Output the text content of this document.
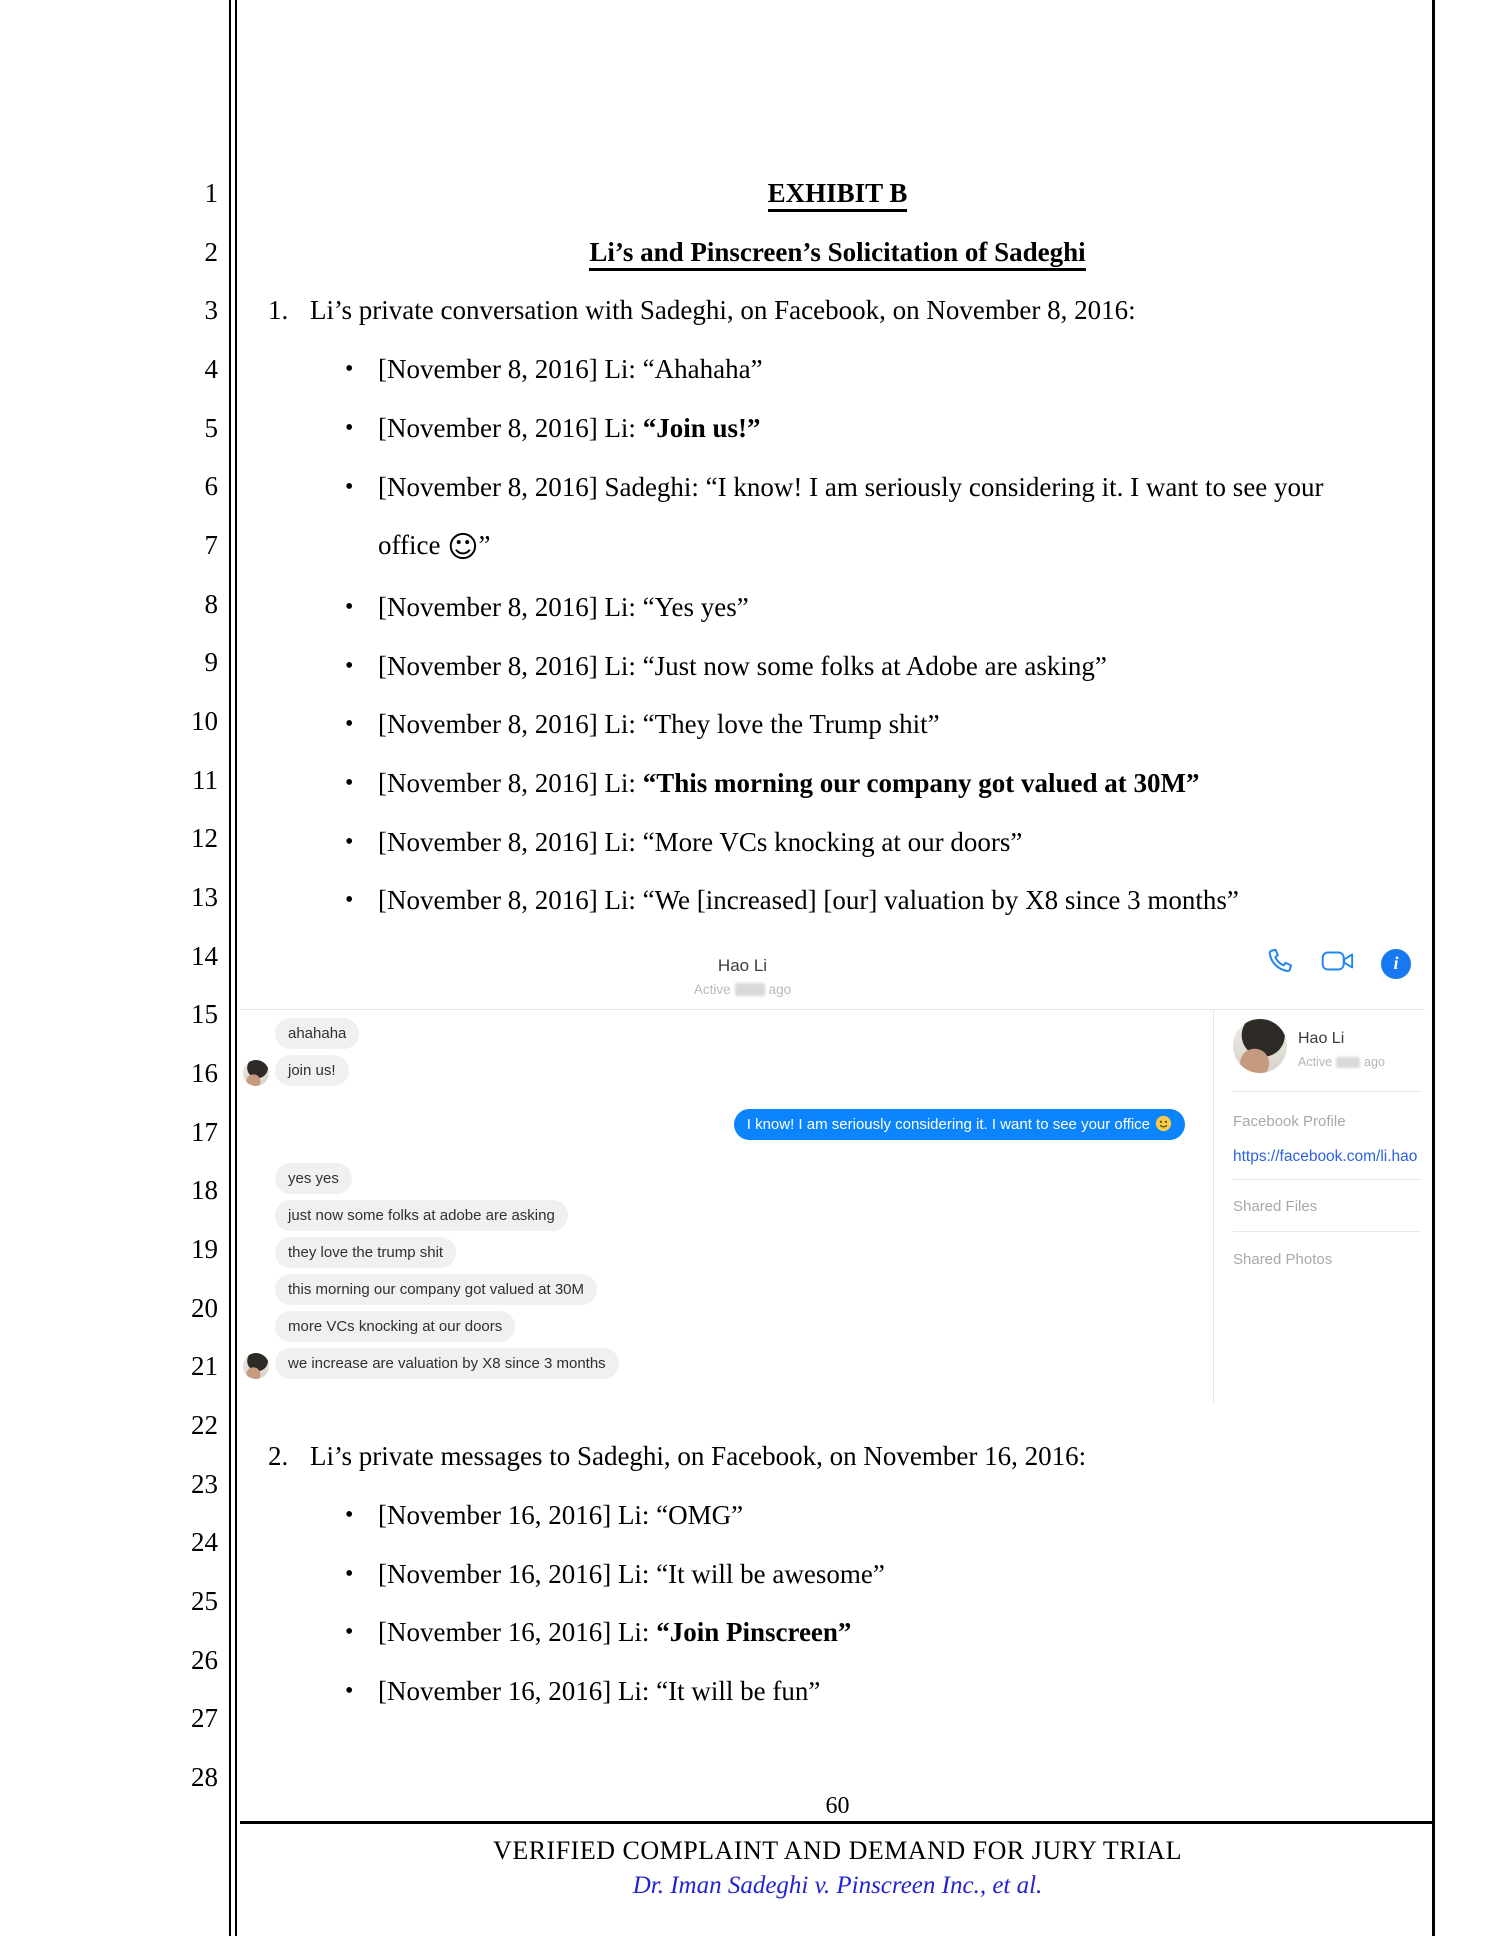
1
2
3
4
5
6
7
8
9
10
11
12
13
14
15
16
17
18
19
20
21
22
23
24
25
26
27
28
EXHIBIT B
Li’s and Pinscreen’s Solicitation of Sadeghi
1. Li’s private conversation with Sadeghi, on Facebook, on November 8, 2016:
• [November 8, 2016] Li: “Ahahaha”
• [November 8, 2016] Li: “Join us!”
• [November 8, 2016] Sadeghi: “I know! I am seriously considering it. I want to see your
office ☺”
• [November 8, 2016] Li: “Yes yes”
• [November 8, 2016] Li: “Just now some folks at Adobe are asking”
• [November 8, 2016] Li: “They love the Trump shit”
• [November 8, 2016] Li: “This morning our company got valued at 30M”
• [November 8, 2016] Li: “More VCs knocking at our doors”
• [November 8, 2016] Li: “We [increased] [our] valuation by X8 since 3 months”
Hao Li
Active	ago
i
ahahaha
join us!
I know! I am seriously considering it. I want to see your office
yes yes
just now some folks at adobe are asking
they love the trump shit
this morning our company got valued at 30M
more VCs knocking at our doors
we increase are valuation by X8 since 3 months
Hao Li
Active	ago
Facebook Profile
https://facebook.com/li.hao
Shared Files
Shared Photos
2. Li’s private messages to Sadeghi, on Facebook, on November 16, 2016:
• [November 16, 2016] Li: “OMG”
• [November 16, 2016] Li: “It will be awesome”
• [November 16, 2016] Li: “Join Pinscreen”
• [November 16, 2016] Li: “It will be fun”
60
VERIFIED COMPLAINT AND DEMAND FOR JURY TRIAL
Dr. Iman Sadeghi v. Pinscreen Inc., et al.
